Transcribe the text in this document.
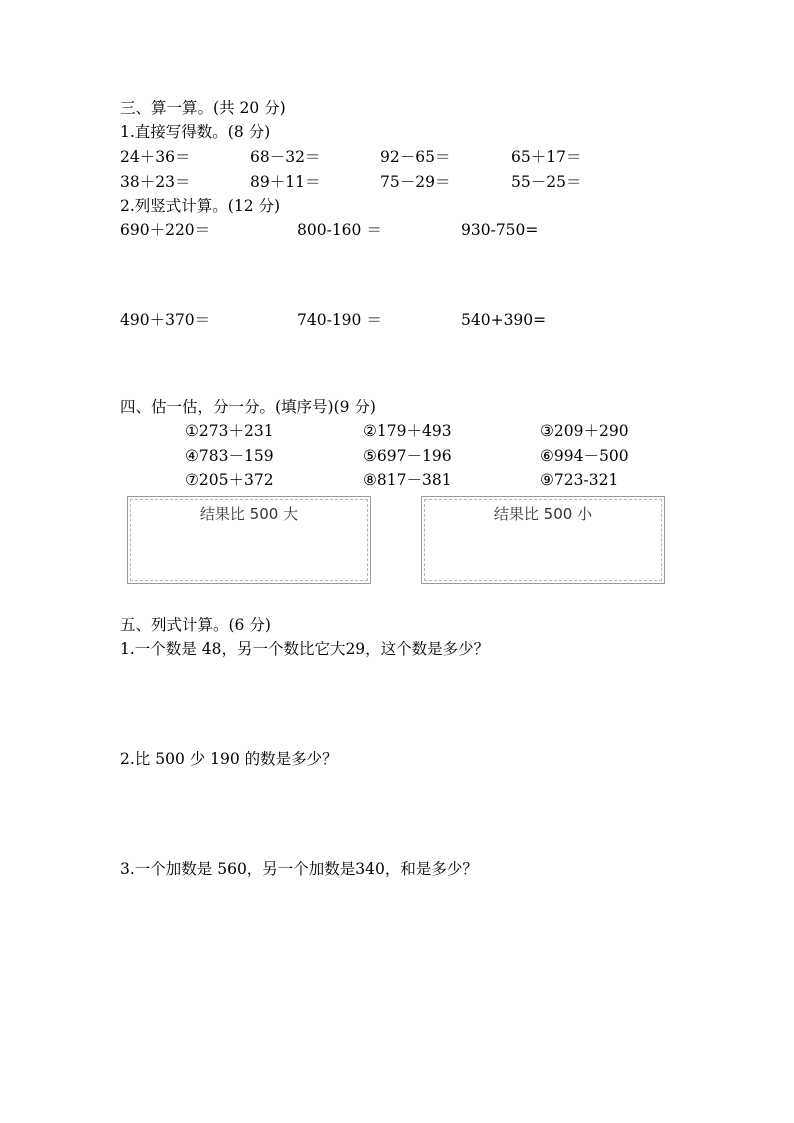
三、算一算。(共 20 分)
1.直接写得数。(8 分)
24＋36＝	68－32＝	92－65＝	65＋17＝
38＋23＝	89＋11＝	75－29＝	55－25＝
2.列竖式计算。(12 分)
690＋220＝	800-160 ＝	930-750=
490＋370＝	740-190 ＝	540+390=
四、估一估，分一分。(填序号)(9 分)
①273＋231	②179＋493	③209＋290
④783－159	⑤697－196	⑥994－500
⑦205＋372	⑧817－381	⑨723-321
结果比 500 大	结果比 500 小
五、列式计算。(6 分)
1.一个数是 48，另一个数比它大29，这个数是多少？
2.比 500 少 190 的数是多少？
3.一个加数是 560，另一个加数是340，和是多少？
